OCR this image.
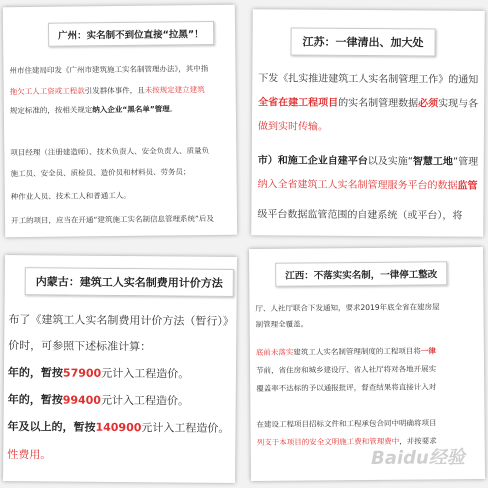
广州：实名制不到位直接“拉黑”！
州市住建局印发《广州市建筑施工实名制管理办法》，其中指
拖欠工人工资或工程款引发群体事件，且未按规定建立建筑
规定标准的，按相关规定纳入企业“黑名单”管理。
项目经理（注册建造师）、技术负责人、安全负责人、质量负
施工员、安全员、质检员、造价员和材料员、劳务员；
种作业人员、技术工人和普通工人。
开工的项目，应当在开通“建筑施工实名制信息管理系统”后及
江苏：一律清出、加大处
下发《扎实推进建筑工人实名制管理工作》的通知
全省在建工程项目的实名制管理数据必须实现与各
做到实时传输。
市）和施工企业自建平台以及实施“智慧工地”管理
纳入全省建筑工人实名制管理服务平台的数据监管
级平台数据监管范围的自建系统（或平台），将
内蒙古：建筑工人实名制费用计价方法
布了《建筑工人实名制费用计价方法（暂行）》
价时，可参照下述标准计算：
年的，暂按57900元计入工程造价。
年的，暂按99400元计入工程造价。
年及以上的，暂按140900元计入工程造价。
性费用。
江西：不落实实名制，一律停工整改
厅、人社厅联合下发通知，要求2019年底全省在建房屋
制管理全覆盖。
底前未落实建筑工人实名制管理制度的工程项目将一律
节前，省住房和城乡建设厅、省人社厅将对各地开展实
覆盖率不达标的予以通报批评，督查结果将直接计入对
在建设工程项目招标文件和工程承包合同中明确将项目
列支于本项目的安全文明施工费和管理费中，并按要求
Baidu经验
